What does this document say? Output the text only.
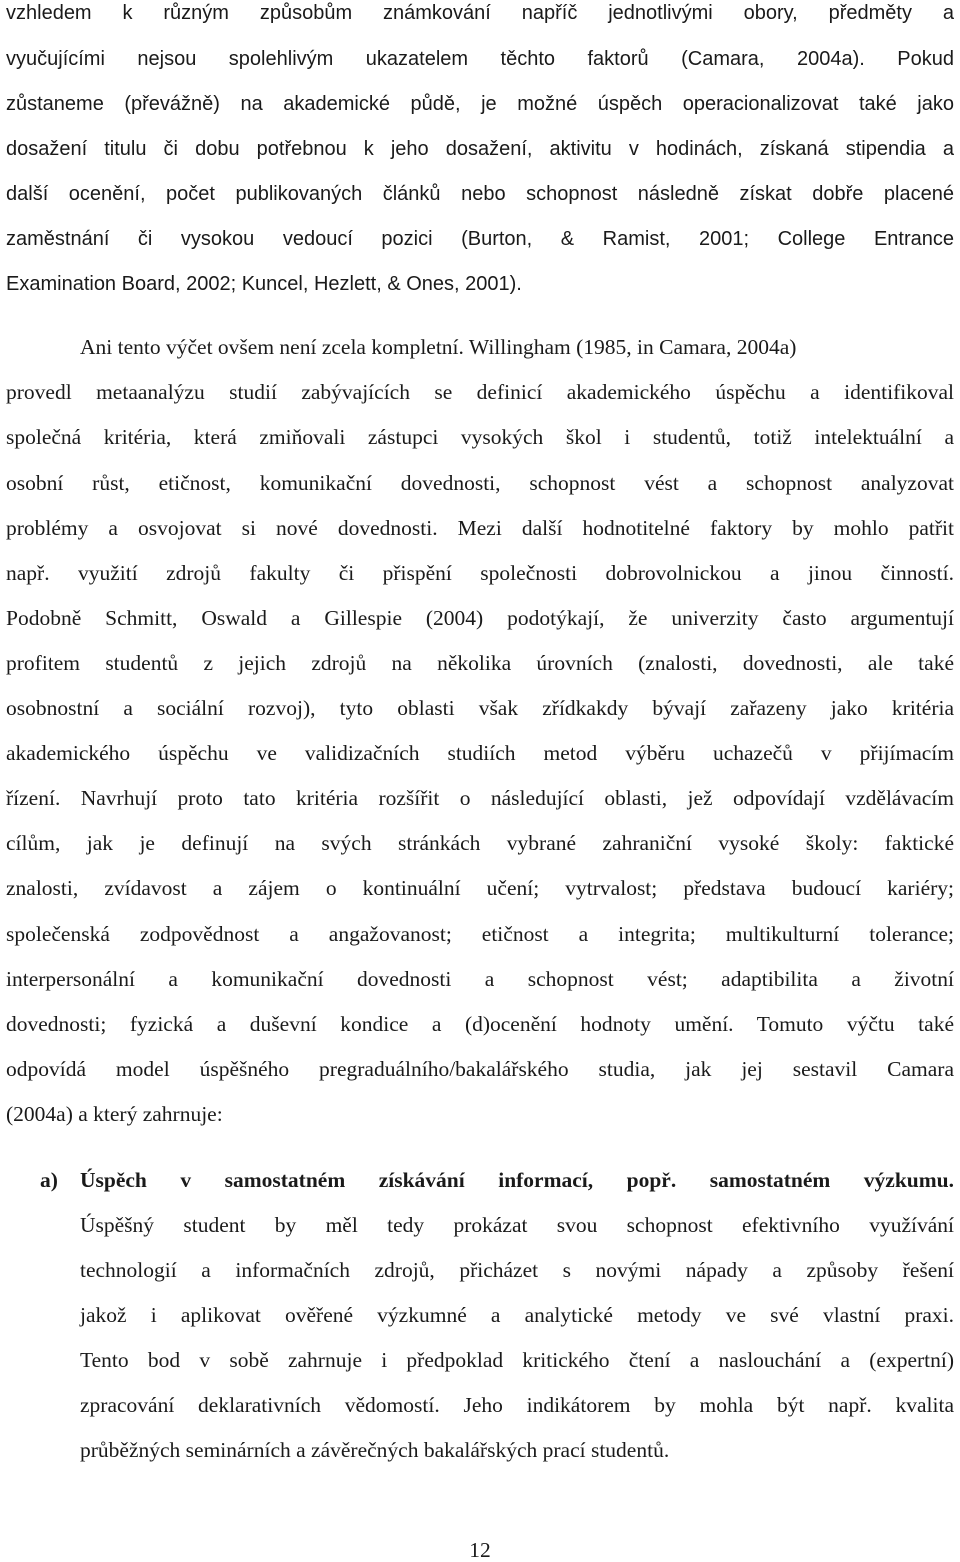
vzhledem k různým způsobům známkování napříč jednotlivými obory, předměty a
vyučujícími nejsou spolehlivým ukazatelem těchto faktorů (Camara, 2004a). Pokud
zůstaneme (převážně) na akademické půdě, je možné úspěch operacionalizovat také jako
dosažení titulu či dobu potřebnou k jeho dosažení, aktivitu v hodinách, získaná stipendia a
další ocenění, počet publikovaných článků nebo schopnost následně získat dobře placené
zaměstnání či vysokou vedoucí pozici (Burton, & Ramist, 2001; College Entrance
Examination Board, 2002; Kuncel, Hezlett, & Ones, 2001).
Ani tento výčet ovšem není zcela kompletní. Willingham (1985, in Camara, 2004a)
provedl metaanalýzu studií zabývajících se definicí akademického úspěchu a identifikoval
společná kritéria, která zmiňovali zástupci vysokých škol i studentů, totiž intelektuální a
osobní růst, etičnost, komunikační dovednosti, schopnost vést a schopnost analyzovat
problémy a osvojovat si nové dovednosti. Mezi další hodnotitelné faktory by mohlo patřit
např. využití zdrojů fakulty či přispění společnosti dobrovolnickou a jinou činností.
Podobně Schmitt, Oswald a Gillespie (2004) podotýkají, že univerzity často argumentují
profitem studentů z jejich zdrojů na několika úrovních (znalosti, dovednosti, ale také
osobnostní a sociální rozvoj), tyto oblasti však zřídkakdy bývají zařazeny jako kritéria
akademického úspěchu ve validizačních studiích metod výběru uchazečů v přijímacím
řízení. Navrhují proto tato kritéria rozšířit o následující oblasti, jež odpovídají vzdělávacím
cílům, jak je definují na svých stránkách vybrané zahraniční vysoké školy: faktické
znalosti, zvídavost a zájem o kontinuální učení; vytrvalost; představa budoucí kariéry;
společenská zodpovědnost a angažovanost; etičnost a integrita; multikulturní tolerance;
interpersonální a komunikační dovednosti a schopnost vést; adaptibilita a životní
dovednosti; fyzická a duševní kondice a (d)ocenění hodnoty umění. Tomuto výčtu také
odpovídá model úspěšného pregraduálního/bakalářského studia, jak jej sestavil Camara
(2004a) a který zahrnuje:
a) Úspěch v samostatném získávání informací, popř. samostatném výzkumu.
Úspěšný student by měl tedy prokázat svou schopnost efektivního využívání
technologií a informačních zdrojů, přicházet s novými nápady a způsoby řešení
jakož i aplikovat ověřené výzkumné a analytické metody ve své vlastní praxi.
Tento bod v sobě zahrnuje i předpoklad kritického čtení a naslouchání a (expertní)
zpracování deklarativních vědomostí. Jeho indikátorem by mohla být např. kvalita
průběžných seminárních a závěrečných bakalářských prací studentů.
12
